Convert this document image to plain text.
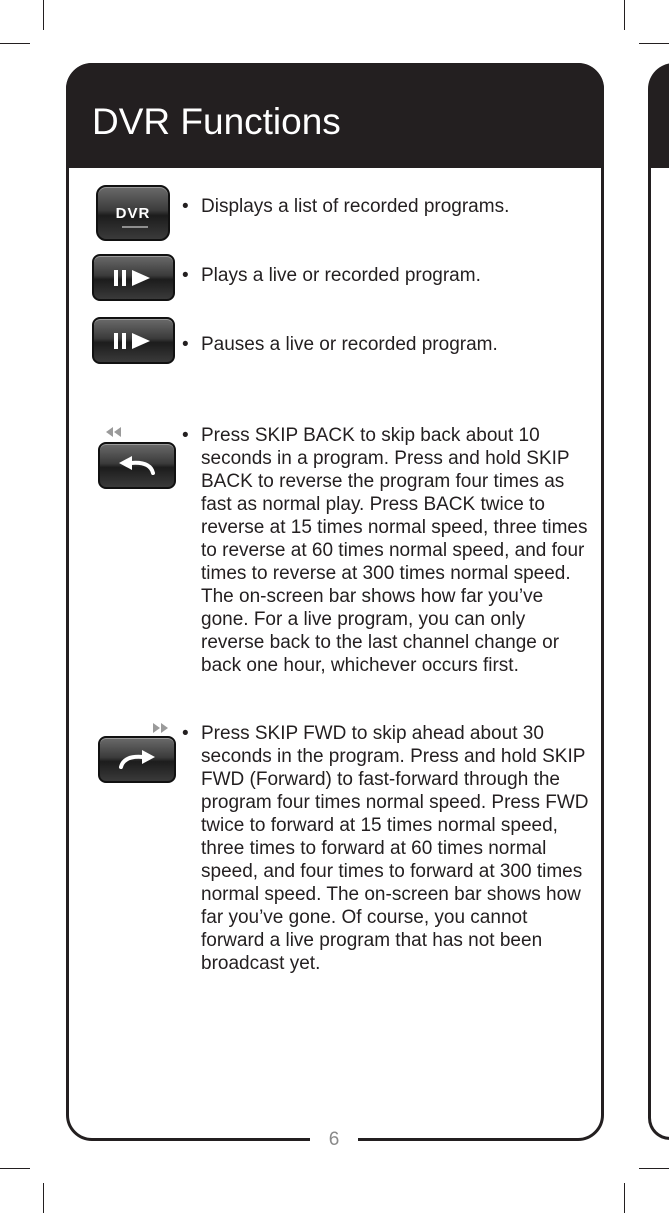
DVR Functions
DVR • Displays a list of recorded programs.

• Plays a live or recorded program.

• Pauses a live or recorded program.

• Press SKIP BACK to skip back about 10 seconds in a program. Press and hold SKIP BACK to reverse the program four times as fast as normal play. Press BACK twice to reverse at 15 times normal speed, three times to reverse at 60 times normal speed, and four times to reverse at 300 times normal speed. The on-screen bar shows how far you’ve gone. For a live program, you can only reverse back to the last channel change or back one hour, whichever occurs first.

• Press SKIP FWD to skip ahead about 30 seconds in the program. Press and hold SKIP FWD (Forward) to fast-forward through the program four times normal speed. Press FWD twice to forward at 15 times normal speed, three times to forward at 60 times normal speed, and four times to forward at 300 times normal speed. The on-screen bar shows how far you’ve gone. Of course, you cannot forward a live program that has not been broadcast yet.

6
